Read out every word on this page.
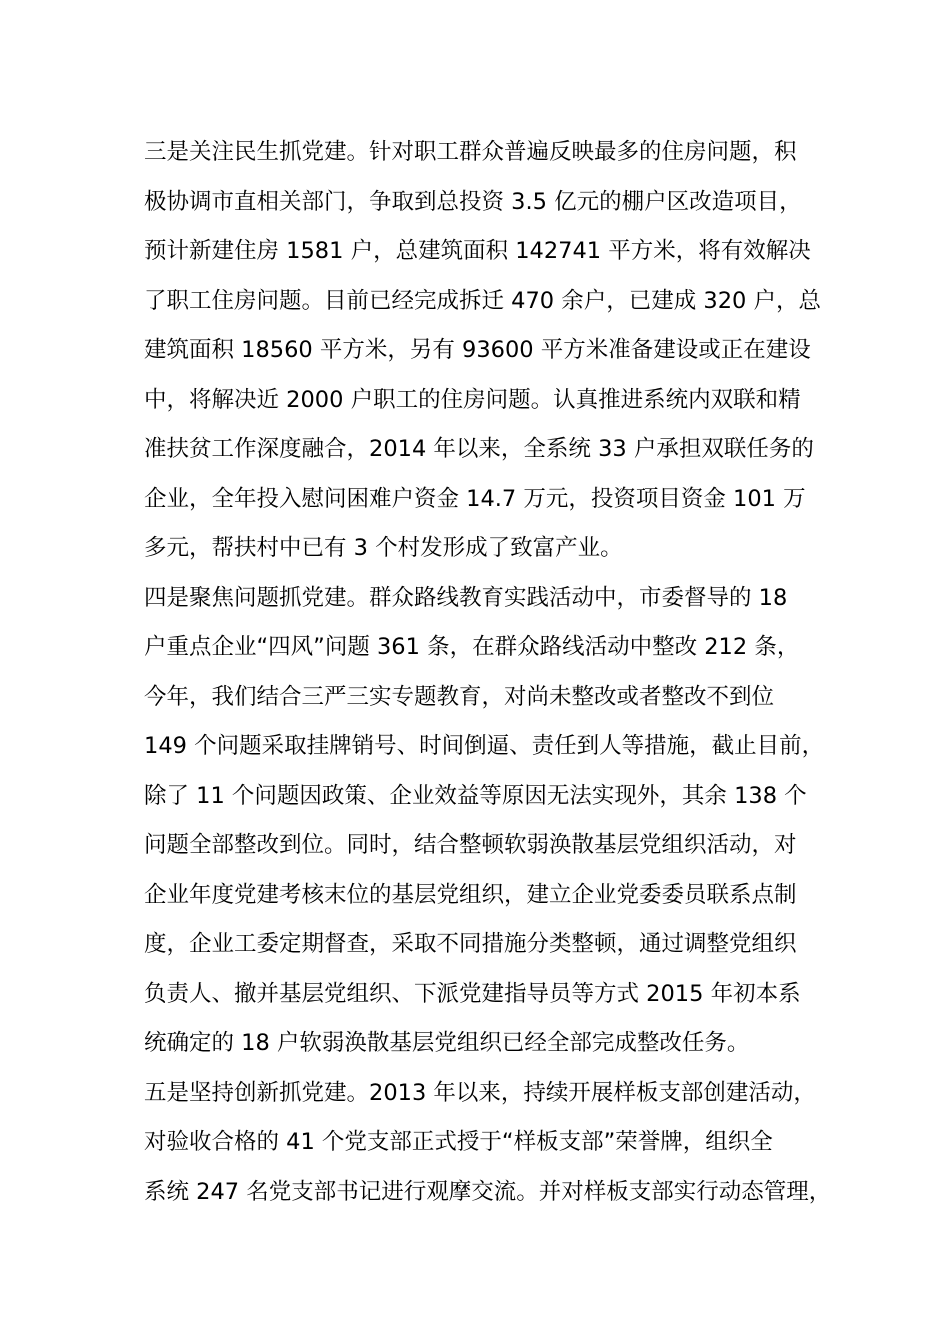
三是关注民生抓党建。针对职工群众普遍反映最多的住房问题，积
极协调市直相关部门，争取到总投资 3.5 亿元的棚户区改造项目，
预计新建住房 1581 户，总建筑面积 142741 平方米，将有效解决
了职工住房问题。目前已经完成拆迁 470 余户，已建成 320 户，总
建筑面积 18560 平方米，另有 93600 平方米准备建设或正在建设
中，将解决近 2000 户职工的住房问题。认真推进系统内双联和精
准扶贫工作深度融合，2014 年以来，全系统 33 户承担双联任务的
企业，全年投入慰问困难户资金 14.7 万元，投资项目资金 101 万
多元，帮扶村中已有 3 个村发形成了致富产业。

四是聚焦问题抓党建。群众路线教育实践活动中，市委督导的 18
户重点企业“四风”问题 361 条，在群众路线活动中整改 212 条，
今年，我们结合三严三实专题教育，对尚未整改或者整改不到位
149 个问题采取挂牌销号、时间倒逼、责任到人等措施，截止目前，
除了 11 个问题因政策、企业效益等原因无法实现外，其余 138 个
问题全部整改到位。同时，结合整顿软弱涣散基层党组织活动，对
企业年度党建考核末位的基层党组织，建立企业党委委员联系点制
度，企业工委定期督查，采取不同措施分类整顿，通过调整党组织
负责人、撤并基层党组织、下派党建指导员等方式 2015 年初本系
统确定的 18 户软弱涣散基层党组织已经全部完成整改任务。

五是坚持创新抓党建。2013 年以来，持续开展样板支部创建活动，
对验收合格的 41 个党支部正式授于“样板支部”荣誉牌，组织全
系统 247 名党支部书记进行观摩交流。并对样板支部实行动态管理，
